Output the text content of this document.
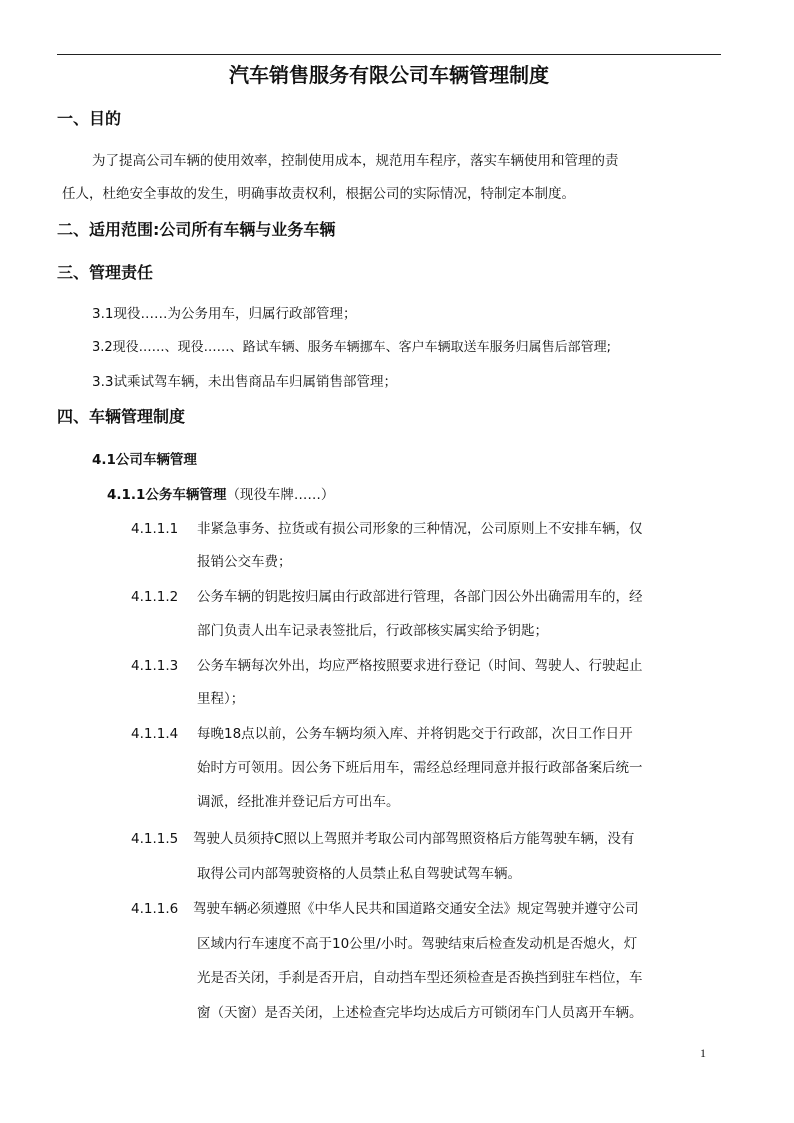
汽车销售服务有限公司车辆管理制度
一、目的
为了提高公司车辆的使用效率，控制使用成本，规范用车程序，落实车辆使用和管理的责
任人，杜绝安全事故的发生，明确事故责权利，根据公司的实际情况，特制定本制度。
二、适用范围:公司所有车辆与业务车辆
三、管理责任
3.1现役……为公务用车，归属行政部管理；
3.2现役……、现役……、路试车辆、服务车辆挪车、客户车辆取送车服务归属售后部管理;
3.3试乘试驾车辆，未出售商品车归属销售部管理；
四、车辆管理制度
4.1公司车辆管理
4.1.1公务车辆管理（现役车牌……）
4.1.1.1 非紧急事务、拉货或有损公司形象的三种情况，公司原则上不安排车辆，仅
报销公交车费；
4.1.1.2 公务车辆的钥匙按归属由行政部进行管理，各部门因公外出确需用车的，经
部门负责人出车记录表签批后，行政部核实属实给予钥匙；
4.1.1.3 公务车辆每次外出，均应严格按照要求进行登记（时间、驾驶人、行驶起止
里程）；
4.1.1.4 每晚18点以前，公务车辆均须入库、并将钥匙交于行政部，次日工作日开
始时方可领用。因公务下班后用车，需经总经理同意并报行政部备案后统一
调派，经批准并登记后方可出车。
4.1.1.5 驾驶人员须持C照以上驾照并考取公司内部驾照资格后方能驾驶车辆，没有
取得公司内部驾驶资格的人员禁止私自驾驶试驾车辆。
4.1.1.6 驾驶车辆必须遵照《中华人民共和国道路交通安全法》规定驾驶并遵守公司
区域内行车速度不高于10公里/小时。驾驶结束后检查发动机是否熄火，灯
光是否关闭，手刹是否开启，自动挡车型还须检查是否换挡到驻车档位，车
窗（天窗）是否关闭，上述检查完毕均达成后方可锁闭车门人员离开车辆。
1
